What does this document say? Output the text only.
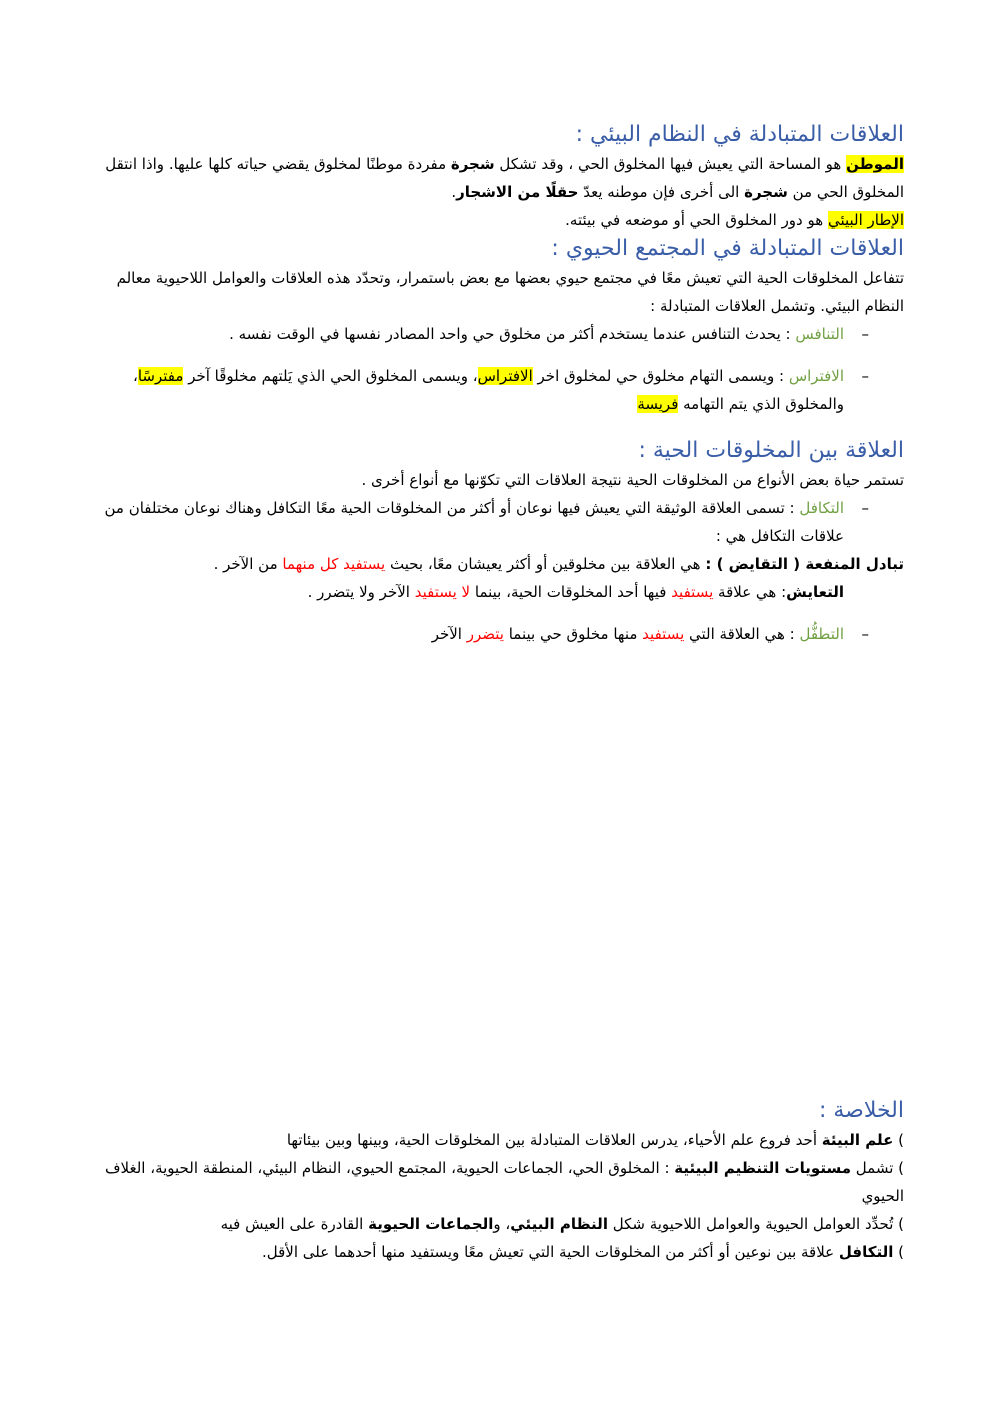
العلاقات المتبادلة في النظام البيئي :

الموطن هو المساحة التي يعيش فيها المخلوق الحي ، وقد تشكل شجرة مفردة موطنًا لمخلوق يقضي حياته كلها عليها. واذا انتقل المخلوق الحي من شجرة الى أخرى فإن موطنه يعدّ حقلًا من الاشجار.

الإطار البيئي هو دور المخلوق الحي أو موضعه في بيئته.

العلاقات المتبادلة في المجتمع الحيوي :

تتفاعل المخلوقات الحية التي تعيش معًا في مجتمع حيوي بعضها مع بعض باستمرار، وتحدّد هذه العلاقات والعوامل اللاحيوية معالم النظام البيئي. وتشمل العلاقات المتبادلة :

–
التنافس : يحدث التنافس عندما يستخدم أكثر من مخلوق حي واحد المصادر نفسها في الوقت نفسه .
–
الافتراس : ويسمى التهام مخلوق حي لمخلوق اخر الافتراس، ويسمى المخلوق الحي الذي يَلتهم مخلوقًا آخر مفترسًا، والمخلوق الذي يتم التهامه فريسة
العلاقة بين المخلوقات الحية :

تستمر حياة بعض الأنواع من المخلوقات الحية نتيجة العلاقات التي تكوّنها مع أنواع أخرى .

–
التكافل : تسمى العلاقة الوثيقة التي يعيش فيها نوعان أو أكثر من المخلوقات الحية معًا التكافل وهناك نوعان مختلفان من علاقات التكافل هي :

تبادل المنفعة ( التقايض ) : هي العلاقة بين مخلوقين أو أكثر يعيشان معًا، بحيث يستفيد كل منهما من الآخر .

التعايش: هي علاقة يستفيد فيها أحد المخلوقات الحية، بينما لا يستفيد الآخر ولا يتضرر .

–
التطفُّل : هي العلاقة التي يستفيد منها مخلوق حي بينما يتضرر الآخر
الخلاصة :

) علم البيئة أحد فروع علم الأحياء، يدرس العلاقات المتبادلة بين المخلوقات الحية، وبينها وبين بيئاتها

) تشمل مستويات التنظيم البيئية : المخلوق الحي، الجماعات الحيوية، المجتمع الحيوي، النظام البيئي، المنطقة الحيوية، الغلاف الحيوي

) تُحدِّد العوامل الحيوية والعوامل اللاحيوية شكل النظام البيئي، والجماعات الحيوية القادرة على العيش فيه

) التكافل علاقة بين نوعين أو أكثر من المخلوقات الحية التي تعيش معًا ويستفيد منها أحدهما على الأقل.
